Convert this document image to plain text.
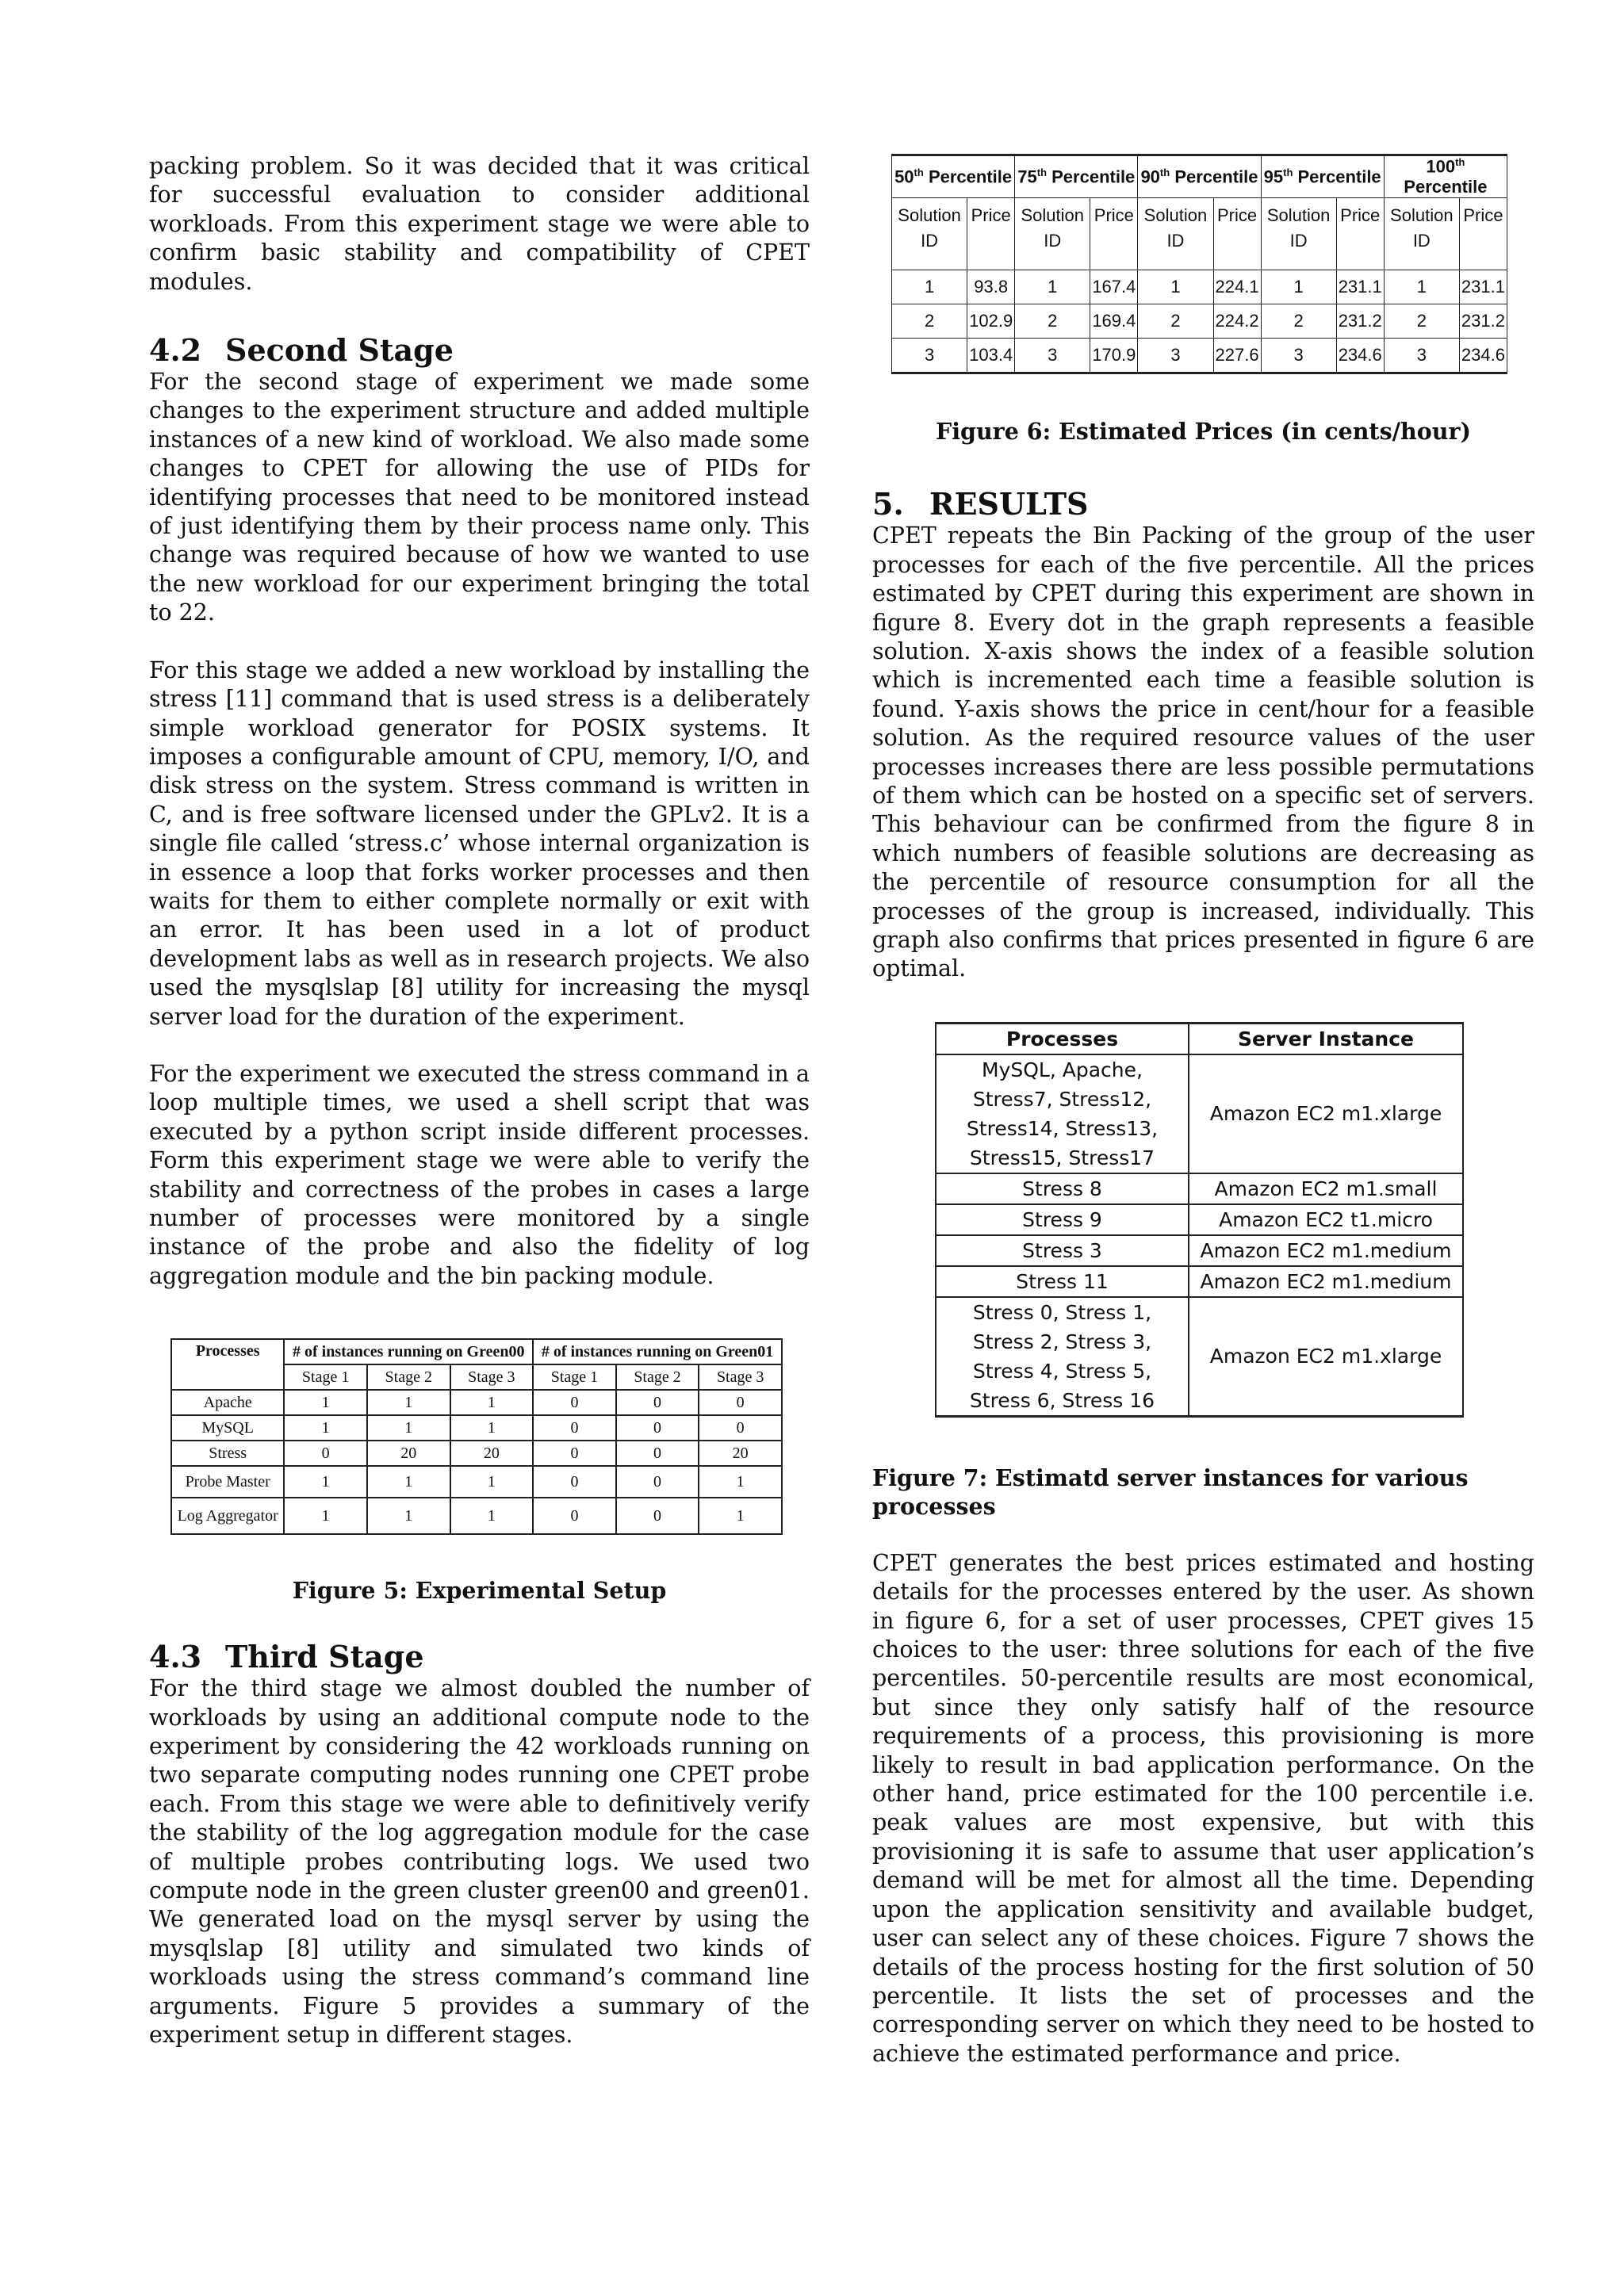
packing problem. So it was decided that it was critical for successful evaluation to consider additional workloads. From this experiment stage we were able to confirm basic stability and compatibility of CPET modules.

4.2 Second Stage

For the second stage of experiment we made some changes to the experiment structure and added multiple instances of a new kind of workload. We also made some changes to CPET for allowing the use of PIDs for identifying processes that need to be monitored instead of just identifying them by their process name only. This change was required because of how we wanted to use the new workload for our experiment bringing the total to 22.

For this stage we added a new workload by installing the stress [11] command that is used stress is a deliberately simple workload generator for POSIX systems. It imposes a configurable amount of CPU, memory, I/O, and disk stress on the system. Stress command is written in C, and is free software licensed under the GPLv2. It is a single file called ‘stress.c’ whose internal organization is in essence a loop that forks worker processes and then waits for them to either complete normally or exit with an error. It has been used in a lot of product development labs as well as in research projects. We also used the mysqlslap [8] utility for increasing the mysql server load for the duration of the experiment.

For the experiment we executed the stress command in a loop multiple times, we used a shell script that was executed by a python script inside different processes. Form this experiment stage we were able to verify the stability and correctness of the probes in cases a large number of processes were monitored by a single instance of the probe and also the fidelity of log aggregation module and the bin packing module.

Processes	# of instances running on Green00			# of instances running on Green01		
	Stage 1	Stage 2	Stage 3	Stage 1	Stage 2	Stage 3
Apache	1	1	1	0	0	0
MySQL	1	1	1	0	0	0
Stress	0	20	20	0	0	20
Probe Master	1	1	1	0	0	1
Log Aggregator	1	1	1	0	0	1
Figure 5: Experimental Setup
4.3 Third Stage

For the third stage we almost doubled the number of workloads by using an additional compute node to the experiment by considering the 42 workloads running on two separate computing nodes running one CPET probe each. From this stage we were able to definitively verify the stability of the log aggregation module for the case of multiple probes contributing logs. We used two compute node in the green cluster green00 and green01. We generated load on the mysql server by using the mysqlslap [8] utility and simulated two kinds of workloads using the stress command’s command line arguments. Figure 5 provides a summary of the experiment setup in different stages.

50th Percentile		75th Percentile		90th Percentile		95th Percentile		100th Percentile	
Solution ID	Price	Solution ID	Price	Solution ID	Price	Solution ID	Price	Solution ID	Price
1	93.8	1	167.4	1	224.1	1	231.1	1	231.1
2	102.9	2	169.4	2	224.2	2	231.2	2	231.2
3	103.4	3	170.9	3	227.6	3	234.6	3	234.6
Figure 6: Estimated Prices (in cents/hour)
5. RESULTS

CPET repeats the Bin Packing of the group of the user processes for each of the five percentile. All the prices estimated by CPET during this experiment are shown in figure 8. Every dot in the graph represents a feasible solution. X-axis shows the index of a feasible solution which is incremented each time a feasible solution is found. Y-axis shows the price in cent/hour for a feasible solution. As the required resource values of the user processes increases there are less possible permutations of them which can be hosted on a specific set of servers. This behaviour can be confirmed from the figure 8 in which numbers of feasible solutions are decreasing as the percentile of resource consumption for all the processes of the group is increased, individually. This graph also confirms that prices presented in figure 6 are optimal.

Processes	Server Instance
MySQL, Apache,
Stress7, Stress12,
Stress14, Stress13,
Stress15, Stress17	Amazon EC2 m1.xlarge
Stress 8	Amazon EC2 m1.small
Stress 9	Amazon EC2 t1.micro
Stress 3	Amazon EC2 m1.medium
Stress 11	Amazon EC2 m1.medium
Stress 0, Stress 1,
Stress 2, Stress 3,
Stress 4, Stress 5,
Stress 6, Stress 16	Amazon EC2 m1.xlarge
Figure 7: Estimatd server instances for various processes

CPET generates the best prices estimated and hosting details for the processes entered by the user. As shown in figure 6, for a set of user processes, CPET gives 15 choices to the user: three solutions for each of the five percentiles. 50-percentile results are most economical, but since they only satisfy half of the resource requirements of a process, this provisioning is more likely to result in bad application performance. On the other hand, price estimated for the 100 percentile i.e. peak values are most expensive, but with this provisioning it is safe to assume that user application’s demand will be met for almost all the time. Depending upon the application sensitivity and available budget, user can select any of these choices. Figure 7 shows the details of the process hosting for the first solution of 50 percentile. It lists the set of processes and the corresponding server on which they need to be hosted to achieve the estimated performance and price.
